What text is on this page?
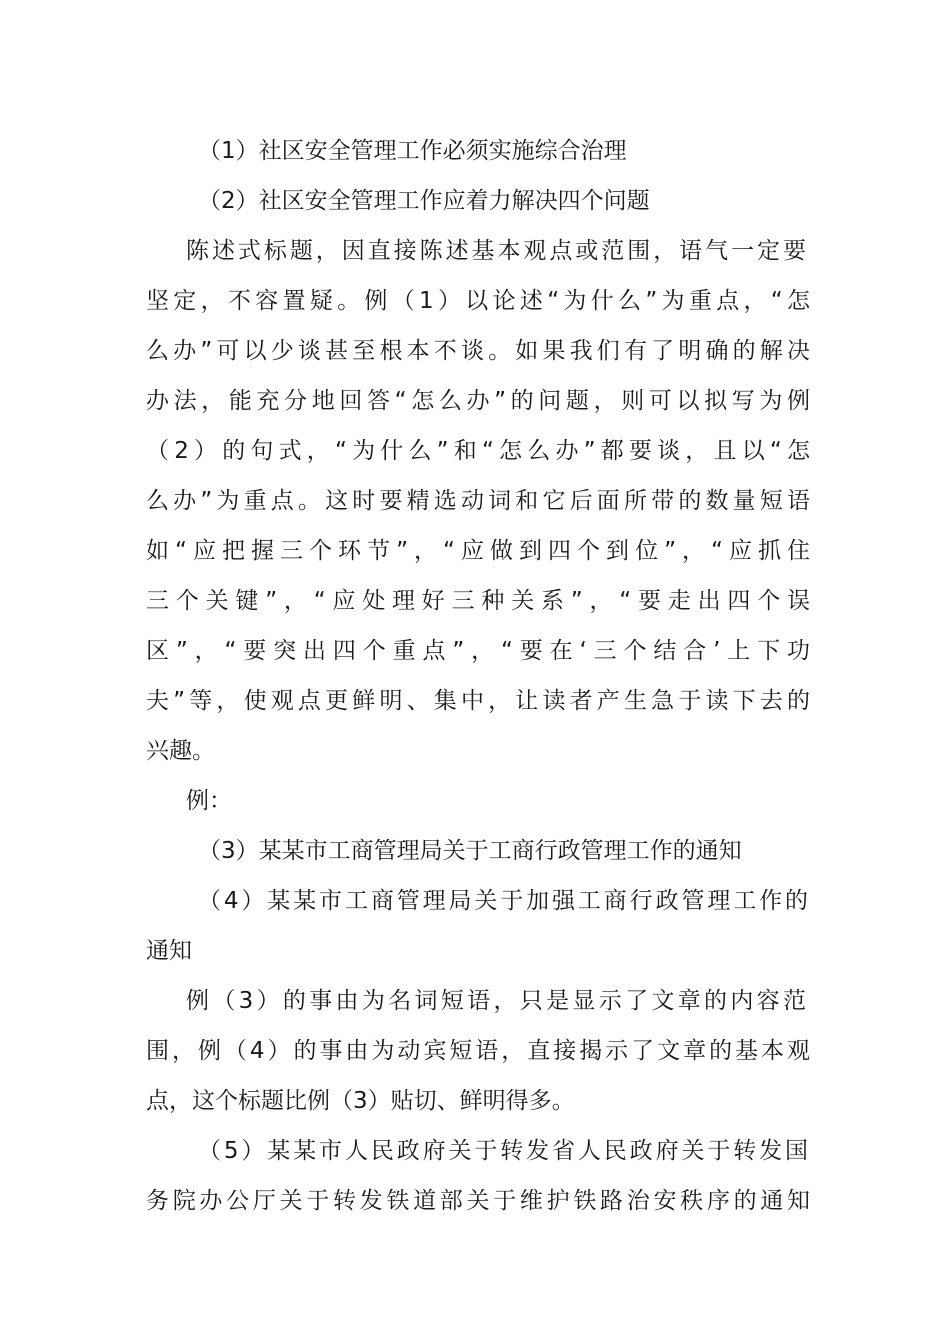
（1）社区安全管理工作必须实施综合治理
（2）社区安全管理工作应着力解决四个问题
陈述式标题，因直接陈述基本观点或范围，语气一定要
坚定，不容置疑。例（1）以论述“为什么”为重点，“怎
么办”可以少谈甚至根本不谈。如果我们有了明确的解决
办法，能充分地回答“怎么办”的问题，则可以拟写为例
（2）的句式，“为什么”和“怎么办”都要谈，且以“怎
么办”为重点。这时要精选动词和它后面所带的数量短语
如“应把握三个环节”，“应做到四个到位”，“应抓住
三个关键”，“应处理好三种关系”，“要走出四个误
区”，“要突出四个重点”，“要在‘三个结合’上下功
夫”等，使观点更鲜明、集中，让读者产生急于读下去的
兴趣。
例：
（3）某某市工商管理局关于工商行政管理工作的通知
（4）某某市工商管理局关于加强工商行政管理工作的
通知
例（3）的事由为名词短语，只是显示了文章的内容范
围，例（4）的事由为动宾短语，直接揭示了文章的基本观
点，这个标题比例（3）贴切、鲜明得多。
（5）某某市人民政府关于转发省人民政府关于转发国
务院办公厅关于转发铁道部关于维护铁路治安秩序的通知
